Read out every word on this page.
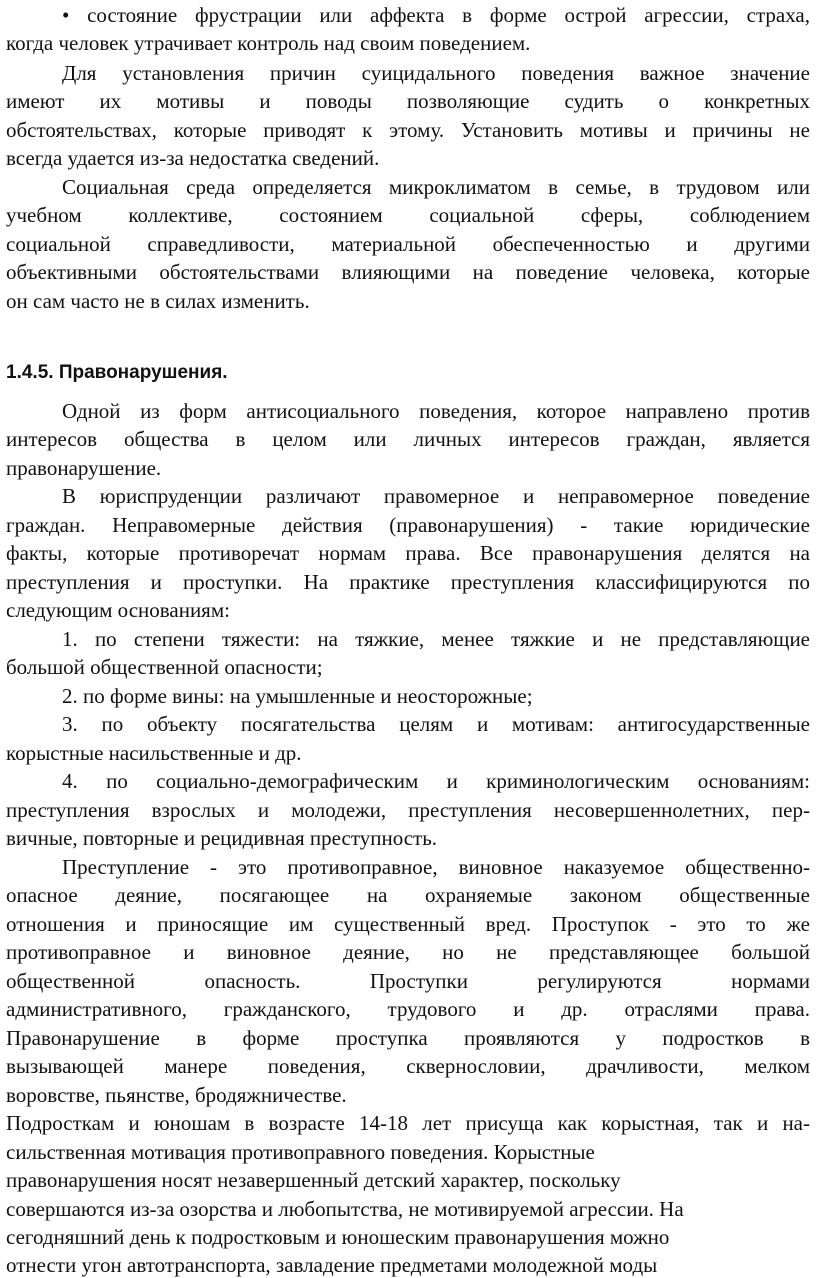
• состояние фрустрации или аффекта в форме острой агрессии, страха,
когда человек утрачивает контроль над своим поведением.
Для установления причин суицидального поведения важное значение
имеют их мотивы и поводы позволяющие судить о конкретных
обстоятельствах, которые приводят к этому. Установить мотивы и причины не
всегда удается из-за недостатка сведений.
Социальная среда определяется микроклиматом в семье, в трудовом или
учебном коллективе, состоянием социальной сферы, соблюдением
социальной справедливости, материальной обеспеченностью и другими
объективными обстоятельствами влияющими на поведение человека, которые
он сам часто не в силах изменить.
1.4.5. Правонарушения.
Одной из форм антисоциального поведения, которое направлено против
интересов общества в целом или личных интересов граждан, является
правонарушение.
В юриспруденции различают правомерное и неправомерное поведение
граждан. Неправомерные действия (правонарушения) - такие юридические
факты, которые противоречат нормам права. Все правонарушения делятся на
преступления и проступки. На практике преступления классифицируются по
следующим основаниям:
1. по степени тяжести: на тяжкие, менее тяжкие и не представляющие
большой общественной опасности;
2. по форме вины: на умышленные и неосторожные;
3. по объекту посягательства целям и мотивам: антигосударственные
корыстные насильственные и др.
4. по социально-демографическим и криминологическим основаниям:
преступления взрослых и молодежи, преступления несовершеннолетних, пер-
вичные, повторные и рецидивная преступность.
Преступление - это противоправное, виновное наказуемое общественно-
опасное деяние, посягающее на охраняемые законом общественные
отношения и приносящие им существенный вред. Проступок - это то же
противоправное и виновное деяние, но не представляющее большой
общественной опасность. Проступки регулируются нормами
административного, гражданского, трудового и др. отраслями права.
Правонарушение в форме проступка проявляются у подростков в
вызывающей манере поведения, сквернословии, драчливости, мелком
воровстве, пьянстве, бродяжничестве.
Подросткам и юношам в возрасте 14-18 лет присуща как корыстная, так и на-
сильственная мотивация противоправного поведения. Корыстные
правонарушения носят незавершенный детский характер, поскольку
совершаются из-за озорства и любопытства, не мотивируемой агрессии. На
сегодняшний день к подростковым и юношеским правонарушения можно
отнести угон автотранспорта, завладение предметами молодежной моды
